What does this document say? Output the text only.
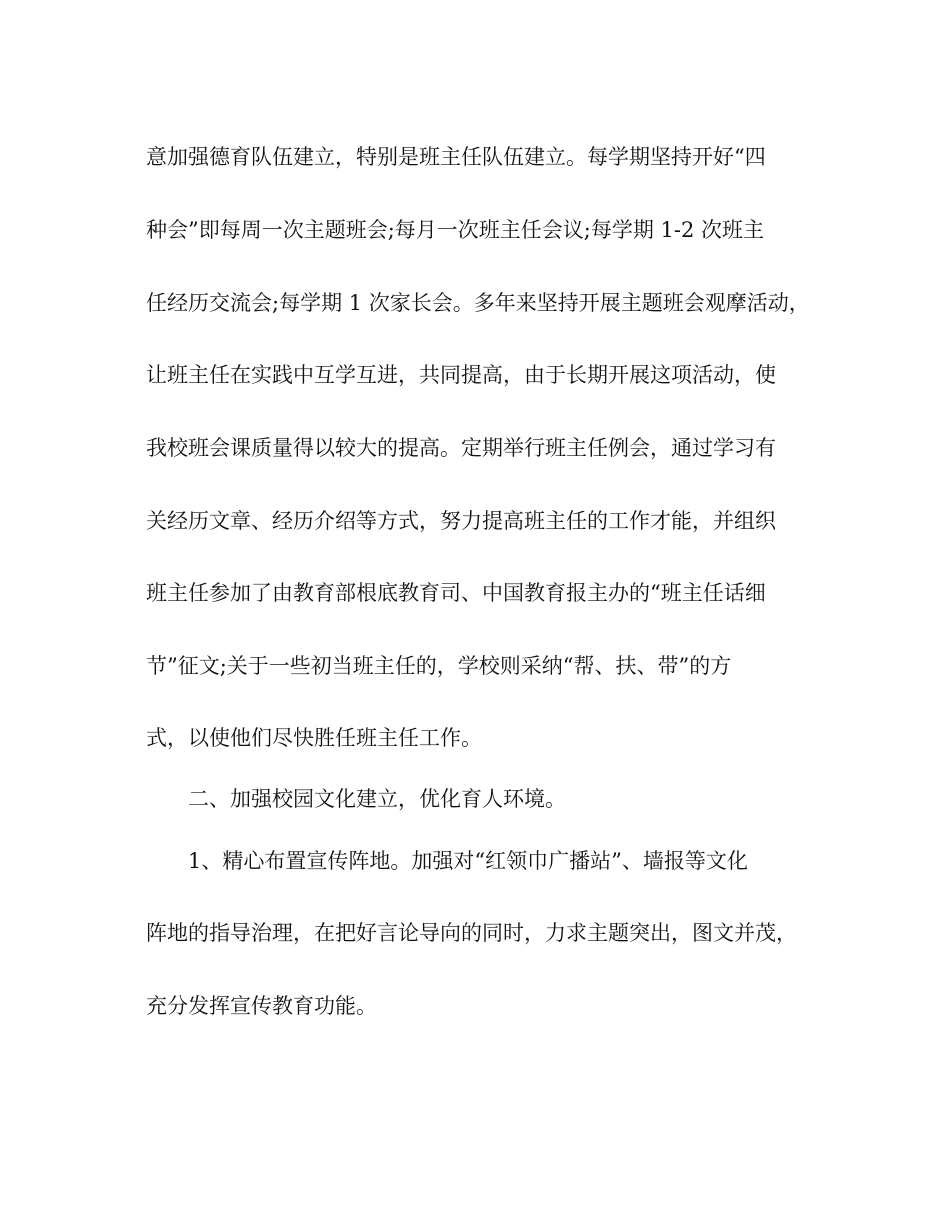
意加强德育队伍建立，特别是班主任队伍建立。每学期坚持开好“四
种会”即每周一次主题班会;每月一次班主任会议;每学期 1-2 次班主
任经历交流会;每学期 1 次家长会。多年来坚持开展主题班会观摩活动，
让班主任在实践中互学互进，共同提高，由于长期开展这项活动，使
我校班会课质量得以较大的提高。定期举行班主任例会，通过学习有
关经历文章、经历介绍等方式，努力提高班主任的工作才能，并组织
班主任参加了由教育部根底教育司、中国教育报主办的“班主任话细
节”征文;关于一些初当班主任的，学校则采纳“帮、扶、带”的方
式，以使他们尽快胜任班主任工作。
二、加强校园文化建立，优化育人环境。
1、精心布置宣传阵地。加强对“红领巾广播站”、墙报等文化
阵地的指导治理，在把好言论导向的同时，力求主题突出，图文并茂，
充分发挥宣传教育功能。
